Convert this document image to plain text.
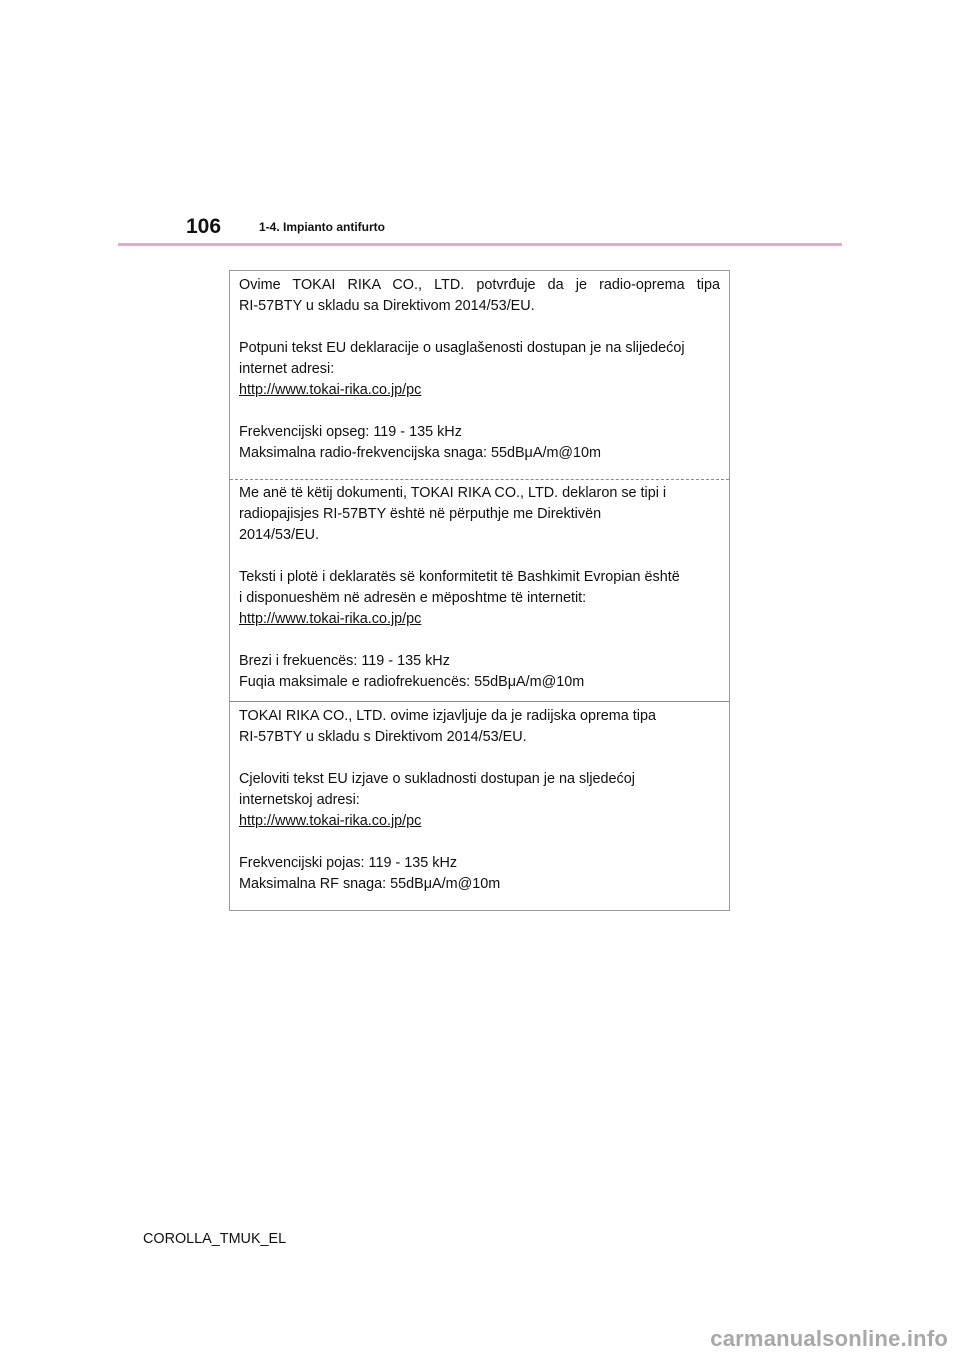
106	1-4. Impianto antifurto
Ovime TOKAI RIKA CO., LTD. potvrđuje da je radio-oprema tipa
RI-57BTY u skladu sa Direktivom 2014/53/EU.
Potpuni tekst EU deklaracije o usaglašenosti dostupan je na slijedećoj
internet adresi:
http://www.tokai-rika.co.jp/pc
Frekvencijski opseg: 119 - 135 kHz
Maksimalna radio-frekvencijska snaga: 55dBμA/m@10m
Me anë të këtij dokumenti, TOKAI RIKA CO., LTD. deklaron se tipi i
radiopajisjes RI-57BTY është në përputhje me Direktivën
2014/53/EU.
Teksti i plotë i deklaratës së konformitetit të Bashkimit Evropian është
i disponueshëm në adresën e mëposhtme të internetit:
http://www.tokai-rika.co.jp/pc
Brezi i frekuencës: 119 - 135 kHz
Fuqia maksimale e radiofrekuencës: 55dBμA/m@10m
TOKAI RIKA CO., LTD. ovime izjavljuje da je radijska oprema tipa
RI-57BTY u skladu s Direktivom 2014/53/EU.
Cjeloviti tekst EU izjave o sukladnosti dostupan je na sljedećoj
internetskoj adresi:
http://www.tokai-rika.co.jp/pc
Frekvencijski pojas: 119 - 135 kHz
Maksimalna RF snaga: 55dBμA/m@10m
COROLLA_TMUK_EL
carmanualsonline.info
